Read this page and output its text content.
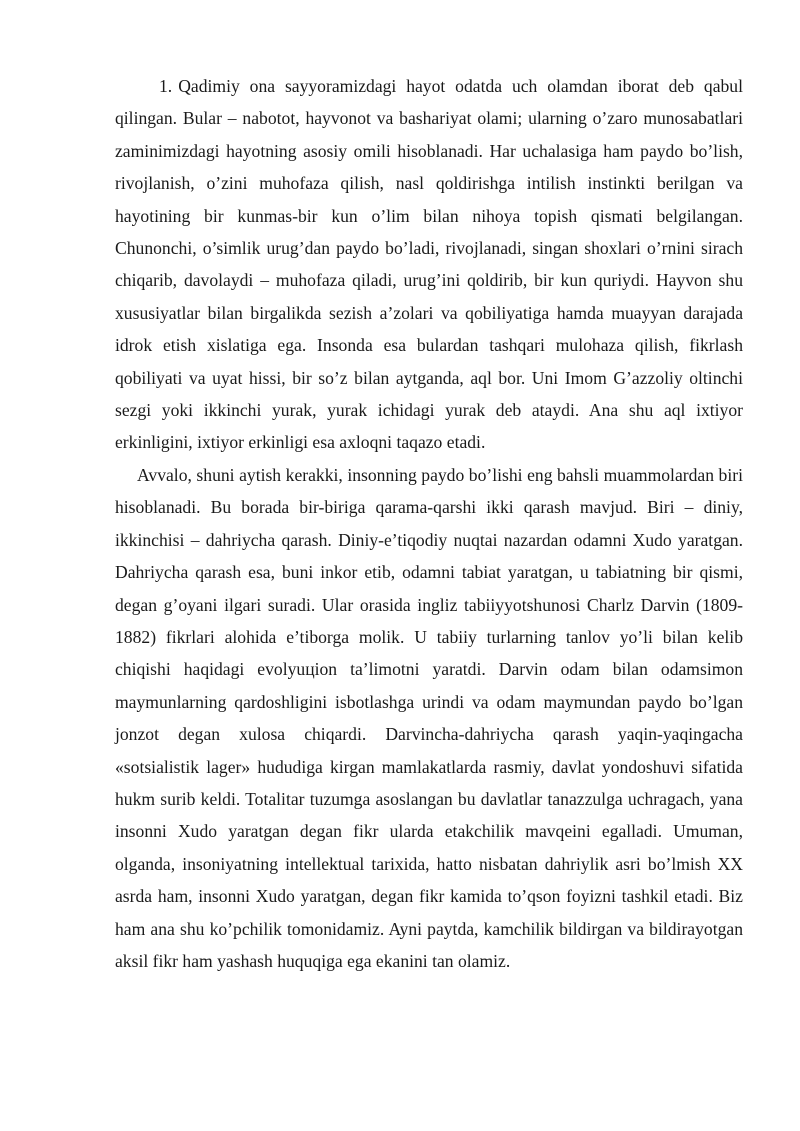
1. Qadimiy ona sayyoramizdagi hayot odatda uch olamdan iborat deb qabul qilingan. Bular – nabotot, hayvonot va bashariyat olami; ularning o’zaro munosabatlari zaminimizdagi hayotning asosiy omili hisoblanadi. Har uchalasiga ham paydo bo’lish, rivojlanish, o’zini muhofaza qilish, nasl qoldirishga intilish instinkti berilgan va hayotining bir kunmas-bir kun o’lim bilan nihoya topish qismati belgilangan. Chunonchi, o’simlik urug’dan paydo bo’ladi, rivojlanadi, singan shoxlari o’rnini sirach chiqarib, davolaydi – muhofaza qiladi, urug’ini qoldirib, bir kun quriydi. Hayvon shu xususiyatlar bilan birgalikda sezish a’zolari va qobiliyatiga hamda muayyan darajada idrok etish xislatiga ega. Insonda esa bulardan tashqari mulohaza qilish, fikrlash qobiliyati va uyat hissi, bir so’z bilan aytganda, aql bor. Uni Imom G’azzoliy oltinchi sezgi yoki ikkinchi yurak, yurak ichidagi yurak deb ataydi. Ana shu aql ixtiyor erkinligini, ixtiyor erkinligi esa axloqni taqazo etadi.

Avvalo, shuni aytish kerakki, insonning paydo bo’lishi eng bahsli muammolardan biri hisoblanadi. Bu borada bir-biriga qarama-qarshi ikki qarash mavjud. Biri – diniy, ikkinchisi – dahriycha qarash. Diniy-e’tiqodiy nuqtai nazardan odamni Xudo yaratgan. Dahriycha qarash esa, buni inkor etib, odamni tabiat yaratgan, u tabiatning bir qismi, degan g’oyani ilgari suradi. Ular orasida ingliz tabiiyyotshunosi Charlz Darvin (1809-1882) fikrlari alohida e’tiborga molik. U tabiiy turlarning tanlov yo’li bilan kelib chiqishi haqidagi evolyuцion ta’limotni yaratdi. Darvin odam bilan odamsimon maymunlarning qardoshligini isbotlashga urindi va odam maymundan paydo bo’lgan jonzot degan xulosa chiqardi. Darvincha-dahriycha qarash yaqin-yaqingacha «sotsialistik lager» hududiga kirgan mamlakatlarda rasmiy, davlat yondoshuvi sifatida hukm surib keldi. Totalitar tuzumga asoslangan bu davlatlar tanazzulga uchragach, yana insonni Xudo yaratgan degan fikr ularda etakchilik mavqeini egalladi. Umuman, olganda, insoniyatning intellektual tarixida, hatto nisbatan dahriylik asri bo’lmish XX asrda ham, insonni Xudo yaratgan, degan fikr kamida to’qson foyizni tashkil etadi. Biz ham ana shu ko’pchilik tomonidamiz. Ayni paytda, kamchilik bildirgan va bildirayotgan aksil fikr ham yashash huquqiga ega ekanini tan olamiz.
